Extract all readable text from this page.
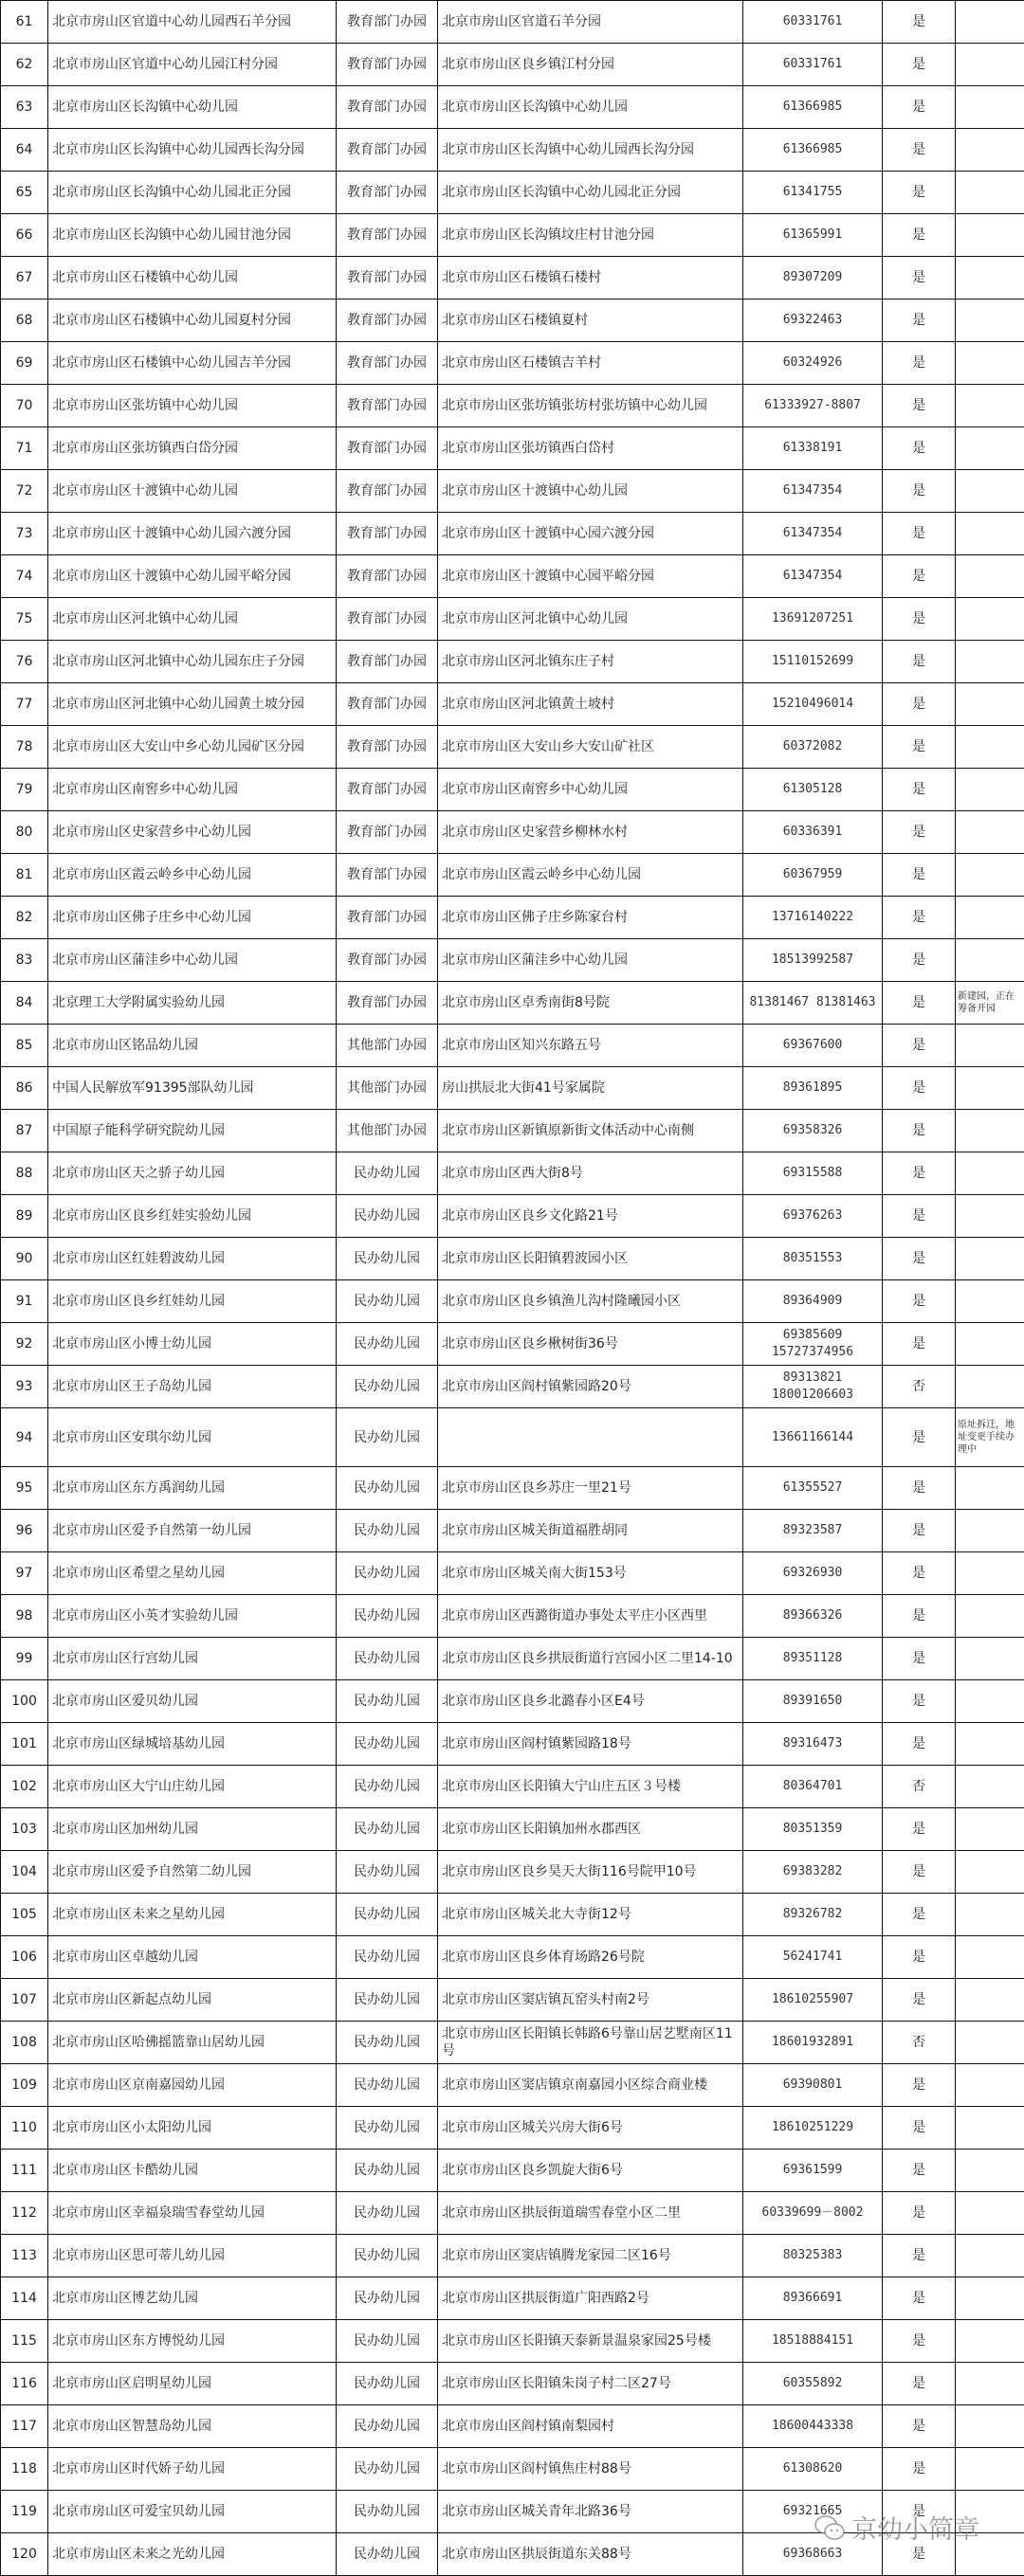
61	北京市房山区官道中心幼儿园西石羊分园	教育部门办园	北京市房山区官道石羊分园	60331761	是	
62	北京市房山区官道中心幼儿园江村分园	教育部门办园	北京市房山区良乡镇江村分园	60331761	是	
63	北京市房山区长沟镇中心幼儿园	教育部门办园	北京市房山区长沟镇中心幼儿园	61366985	是	
64	北京市房山区长沟镇中心幼儿园西长沟分园	教育部门办园	北京市房山区长沟镇中心幼儿园西长沟分园	61366985	是	
65	北京市房山区长沟镇中心幼儿园北正分园	教育部门办园	北京市房山区长沟镇中心幼儿园北正分园	61341755	是	
66	北京市房山区长沟镇中心幼儿园甘池分园	教育部门办园	北京市房山区长沟镇坟庄村甘池分园	61365991	是	
67	北京市房山区石楼镇中心幼儿园	教育部门办园	北京市房山区石楼镇石楼村	89307209	是	
68	北京市房山区石楼镇中心幼儿园夏村分园	教育部门办园	北京市房山区石楼镇夏村	69322463	是	
69	北京市房山区石楼镇中心幼儿园吉羊分园	教育部门办园	北京市房山区石楼镇吉羊村	60324926	是	
70	北京市房山区张坊镇中心幼儿园	教育部门办园	北京市房山区张坊镇张坊村张坊镇中心幼儿园	61333927-8807	是	
71	北京市房山区张坊镇西白岱分园	教育部门办园	北京市房山区张坊镇西白岱村	61338191	是	
72	北京市房山区十渡镇中心幼儿园	教育部门办园	北京市房山区十渡镇中心幼儿园	61347354	是	
73	北京市房山区十渡镇中心幼儿园六渡分园	教育部门办园	北京市房山区十渡镇中心园六渡分园	61347354	是	
74	北京市房山区十渡镇中心幼儿园平峪分园	教育部门办园	北京市房山区十渡镇中心园平峪分园	61347354	是	
75	北京市房山区河北镇中心幼儿园	教育部门办园	北京市房山区河北镇中心幼儿园	13691207251	是	
76	北京市房山区河北镇中心幼儿园东庄子分园	教育部门办园	北京市房山区河北镇东庄子村	15110152699	是	
77	北京市房山区河北镇中心幼儿园黄土坡分园	教育部门办园	北京市房山区河北镇黄土坡村	15210496014	是	
78	北京市房山区大安山中乡心幼儿园矿区分园	教育部门办园	北京市房山区大安山乡大安山矿社区	60372082	是	
79	北京市房山区南窖乡中心幼儿园	教育部门办园	北京市房山区南窖乡中心幼儿园	61305128	是	
80	北京市房山区史家营乡中心幼儿园	教育部门办园	北京市房山区史家营乡柳林水村	60336391	是	
81	北京市房山区霞云岭乡中心幼儿园	教育部门办园	北京市房山区霞云岭乡中心幼儿园	60367959	是	
82	北京市房山区佛子庄乡中心幼儿园	教育部门办园	北京市房山区佛子庄乡陈家台村	13716140222	是	
83	北京市房山区蒲洼乡中心幼儿园	教育部门办园	北京市房山区蒲洼乡中心幼儿园	18513992587	是	
84	北京理工大学附属实验幼儿园	教育部门办园	北京市房山区卓秀南街8号院	81381467 81381463	是	新建园，正在筹备开园
85	北京市房山区铭品幼儿园	其他部门办园	北京市房山区知兴东路五号	69367600	是	
86	中国人民解放军91395部队幼儿园	其他部门办园	房山拱辰北大街41号家属院	89361895	是	
87	中国原子能科学研究院幼儿园	其他部门办园	北京市房山区新镇原新街文体活动中心南侧	69358326	是	
88	北京市房山区天之骄子幼儿园	民办幼儿园	北京市房山区西大街8号	69315588	是	
89	北京市房山区良乡红娃实验幼儿园	民办幼儿园	北京市房山区良乡文化路21号	69376263	是	
90	北京市房山区红娃碧波幼儿园	民办幼儿园	北京市房山区长阳镇碧波园小区	80351553	是	
91	北京市房山区良乡红娃幼儿园	民办幼儿园	北京市房山区良乡镇渔儿沟村隆曦园小区	89364909	是	
92	北京市房山区小博士幼儿园	民办幼儿园	北京市房山区良乡楸树街36号	69385609 15727374956	是	
93	北京市房山区王子岛幼儿园	民办幼儿园	北京市房山区阎村镇紫园路20号	89313821 18001206603	否	
94	北京市房山区安琪尔幼儿园	民办幼儿园		13661166144	是	原址拆迁，地址变更手续办理中
95	北京市房山区东方禹润幼儿园	民办幼儿园	北京市房山区良乡苏庄一里21号	61355527	是	
96	北京市房山区爱予自然第一幼儿园	民办幼儿园	北京市房山区城关街道福胜胡同	89323587	是	
97	北京市房山区希望之星幼儿园	民办幼儿园	北京市房山区城关南大街153号	69326930	是	
98	北京市房山区小英才实验幼儿园	民办幼儿园	北京市房山区西潞街道办事处太平庄小区西里	89366326	是	
99	北京市房山区行宫幼儿园	民办幼儿园	北京市房山区良乡拱辰街道行宫园小区二里14-10	89351128	是	
100	北京市房山区爱贝幼儿园	民办幼儿园	北京市房山区良乡北潞春小区E4号	89391650	是	
101	北京市房山区绿城培基幼儿园	民办幼儿园	北京市房山区阎村镇紫园路18号	89316473	是	
102	北京市房山区大宁山庄幼儿园	民办幼儿园	北京市房山区长阳镇大宁山庄五区３号楼	80364701	否	
103	北京市房山区加州幼儿园	民办幼儿园	北京市房山区长阳镇加州水郡西区	80351359	是	
104	北京市房山区爱予自然第二幼儿园	民办幼儿园	北京市房山区良乡昊天大街116号院甲10号	69383282	是	
105	北京市房山区未来之星幼儿园	民办幼儿园	北京市房山区城关北大寺街12号	89326782	是	
106	北京市房山区卓越幼儿园	民办幼儿园	北京市房山区良乡体育场路26号院	56241741	是	
107	北京市房山区新起点幼儿园	民办幼儿园	北京市房山区窦店镇瓦窑头村南2号	18610255907	是	
108	北京市房山区哈佛摇篮靠山居幼儿园	民办幼儿园	北京市房山区长阳镇长韩路6号靠山居艺墅南区11号	18601932891	否	
109	北京市房山区京南嘉园幼儿园	民办幼儿园	北京市房山区窦店镇京南嘉园小区综合商业楼	69390801	是	
110	北京市房山区小太阳幼儿园	民办幼儿园	北京市房山区城关兴房大街6号	18610251229	是	
111	北京市房山区卡酷幼儿园	民办幼儿园	北京市房山区良乡凯旋大街6号	69361599	是	
112	北京市房山区幸福泉瑞雪春堂幼儿园	民办幼儿园	北京市房山区拱辰街道瑞雪春堂小区二里	60339699－8002	是	
113	北京市房山区思可蒂儿幼儿园	民办幼儿园	北京市房山区窦店镇腾龙家园二区16号	80325383	是	
114	北京市房山区博艺幼儿园	民办幼儿园	北京市房山区拱辰街道广阳西路2号	89366691	是	
115	北京市房山区东方博悦幼儿园	民办幼儿园	北京市房山区长阳镇天泰新景温泉家园25号楼	18518884151	是	
116	北京市房山区启明星幼儿园	民办幼儿园	北京市房山区长阳镇朱岗子村二区27号	60355892	是	
117	北京市房山区智慧岛幼儿园	民办幼儿园	北京市房山区阎村镇南梨园村	18600443338	是	
118	北京市房山区时代娇子幼儿园	民办幼儿园	北京市房山区阎村镇焦庄村88号	61308620	是	
119	北京市房山区可爱宝贝幼儿园	民办幼儿园	北京市房山区城关青年北路36号	69321665	是	
120	北京市房山区未来之光幼儿园	民办幼儿园	北京市房山区拱辰街道东关88号	69368663	是	
京幼小简章
